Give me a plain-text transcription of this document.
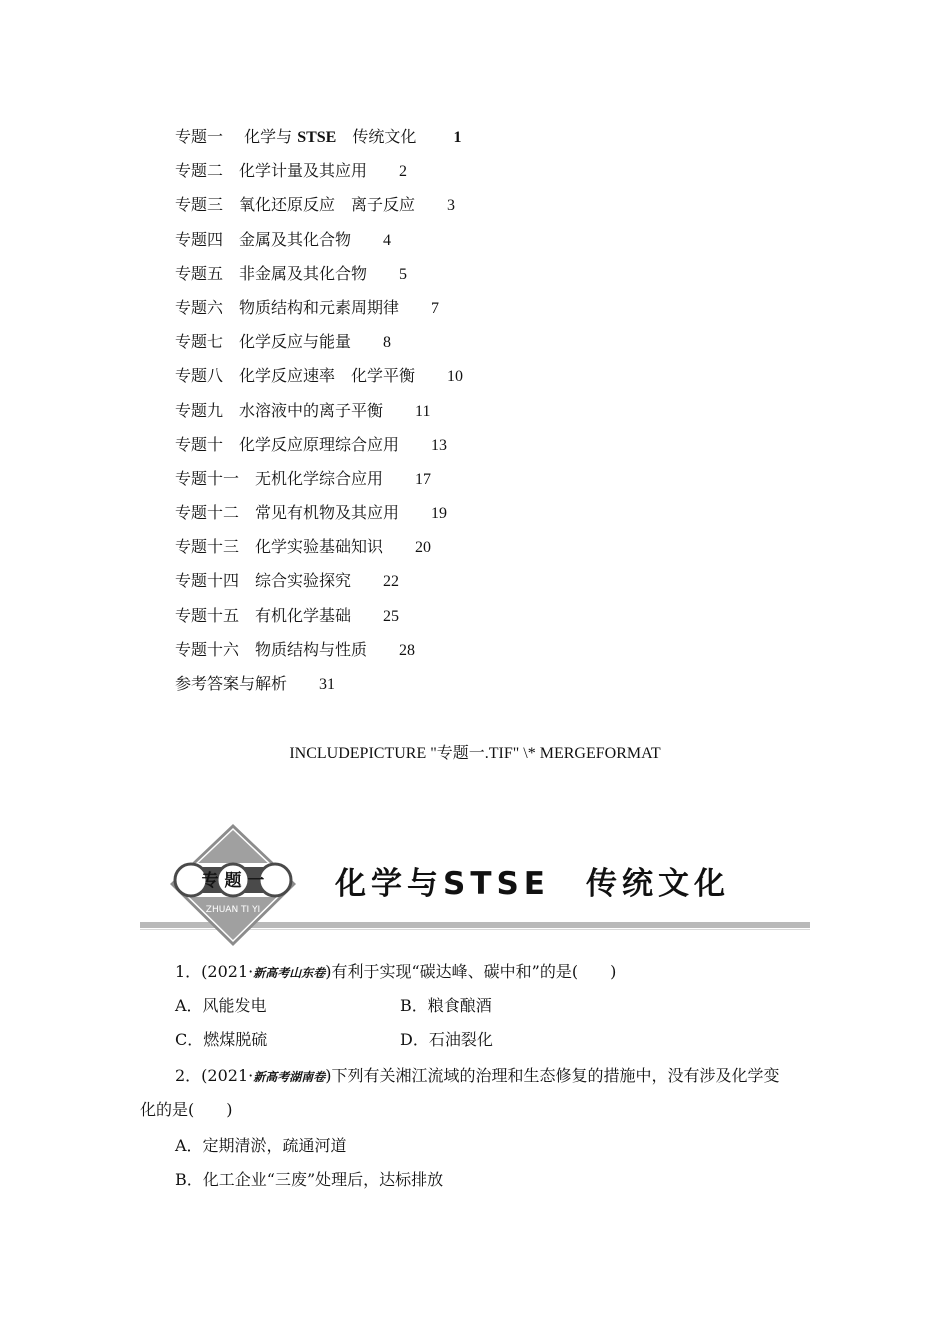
专题一 化学与 STSE　传统文化 1
专题二 化学计量及其应用 2
专题三 氧化还原反应　离子反应 3
专题四 金属及其化合物 4
专题五 非金属及其化合物 5
专题六 物质结构和元素周期律 7
专题七 化学反应与能量 8
专题八 化学反应速率　化学平衡 10
专题九 水溶液中的离子平衡 11
专题十 化学反应原理综合应用 13
专题十一 无机化学综合应用 17
专题十二 常见有机物及其应用 19
专题十三 化学实验基础知识 20
专题十四 综合实验探究 22
专题十五 有机化学基础 25
专题十六 物质结构与性质 28
参考答案与解析 31
INCLUDEPICTURE "专题一.TIF" \* MERGEFORMAT
专 题 一
ZHUAN TI YI
化学与STSE　传统文化
1．(2021·新高考山东卷)有利于实现“碳达峰、碳中和”的是(　　)
A．风能发电	B．粮食酿酒
C．燃煤脱硫	D．石油裂化
2．(2021·新高考湖南卷)下列有关湘江流域的治理和生态修复的措施中，没有涉及化学变
化的是(　　)
A．定期清淤，疏通河道
B．化工企业“三废”处理后，达标排放
